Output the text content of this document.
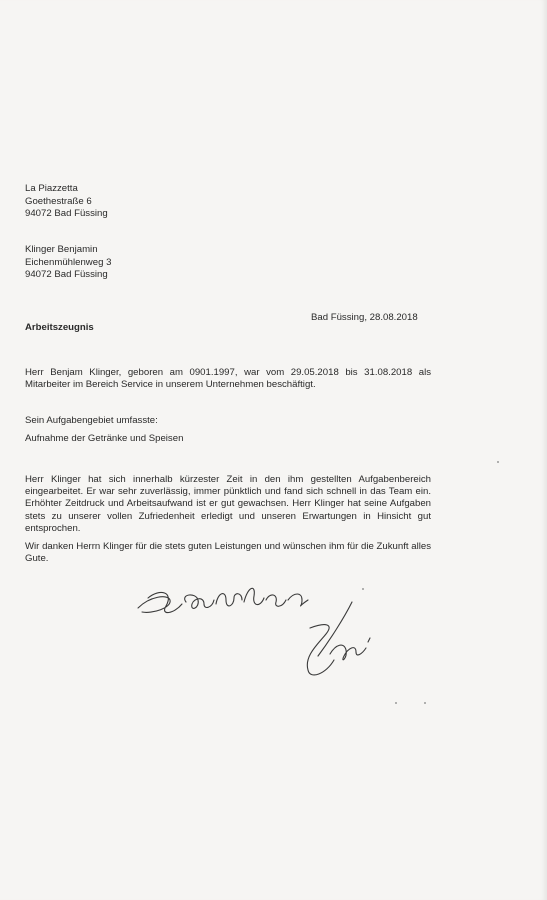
La Piazzetta
Goethestraße 6
94072 Bad Füssing
Klinger Benjamin
Eichenmühlenweg 3
94072 Bad Füssing
Bad Füssing, 28.08.2018
Arbeitszeugnis
Herr Benjam Klinger, geboren am 0901.1997, war vom 29.05.2018 bis 31.08.2018 als Mitarbeiter im Bereich Service in unserem Unternehmen beschäftigt.
Sein Aufgabengebiet umfasste:
Aufnahme der Getränke und Speisen
Herr Klinger hat sich innerhalb kürzester Zeit in den ihm gestellten Aufgabenbereich eingearbeitet. Er war sehr zuverlässig, immer pünktlich und fand sich schnell in das Team ein. Erhöhter Zeitdruck und Arbeitsaufwand ist er gut gewachsen. Herr Klinger hat seine Aufgaben stets zu unserer vollen Zufriedenheit erledigt und unseren Erwartungen in Hinsicht gut entsprochen.
Wir danken Herrn Klinger für die stets guten Leistungen und wünschen ihm für die Zukunft alles Gute.
